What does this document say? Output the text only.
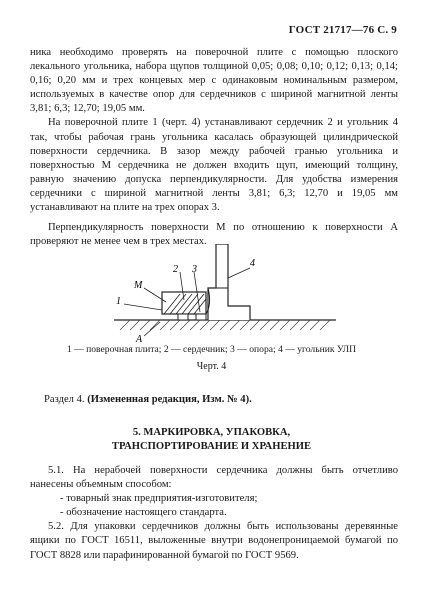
ГОСТ 21717—76 С. 9

ника необходимо проверять на поверочной плите с помощью плоского лекального угольника, набора щупов толщиной 0,05; 0,08; 0,10; 0,12; 0,13; 0,14; 0,16; 0,20 мм и трех концевых мер с одинаковым номинальным размером, используемых в качестве опор для сердечников с шириной магнитной ленты 3,81; 6,3; 12,70; 19,05 мм.

На поверочной плите 1 (черт. 4) устанавливают сердечник 2 и угольник 4 так, чтобы рабочая грань угольника касалась образующей цилиндрической поверхности сердечника. В зазор между рабочей гранью угольника и поверхностью М сердечника не должен входить щуп, имеющий толщину, равную значению допуска перпендикулярности. Для удобства измерения сердечники с шириной магнитной ленты 3,81; 6,3; 12,70 и 19,05 мм устанавливают на плите на трех опорах 3.

Перпендикулярность поверхности М по отношению к поверхности А проверяют не менее чем в трех местах.

M
2 3
4
1
A
1 — поверочная плита; 2 — сердечник; 3 — опора; 4 — угольник УЛП
Черт. 4
Раздел 4. (Измененная редакция, Изм. № 4).
5. МАРКИРОВКА, УПАКОВКА,
ТРАНСПОРТИРОВАНИЕ И ХРАНЕНИЕ

5.1. На нерабочей поверхности сердечника должны быть отчетливо нанесены объемным способом:

- товарный знак предприятия-изготовителя;
- обозначение настоящего стандарта.

5.2. Для упаковки сердечников должны быть использованы деревянные ящики по ГОСТ 16511, выложенные внутри водонепроницаемой бумагой по ГОСТ 8828 или парафинированной бумагой по ГОСТ 9569.
